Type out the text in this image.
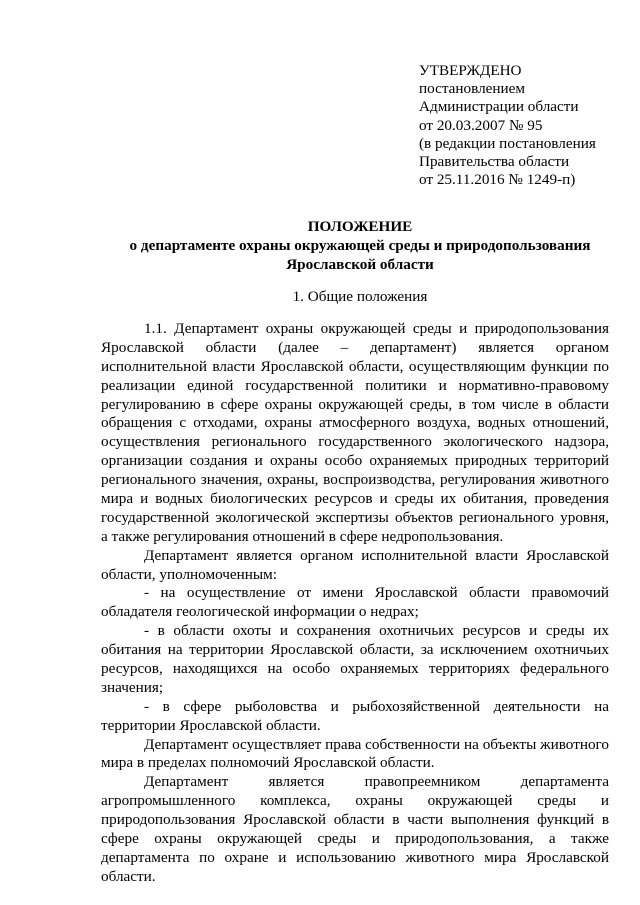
УТВЕРЖДЕНО
постановлением
Администрации области
от 20.03.2007 № 95
(в редакции постановления
Правительства области
от 25.11.2016 № 1249-п)
ПОЛОЖЕНИЕ
о департаменте охраны окружающей среды и природопользования
Ярославской области
1. Общие положения
1.1. Департамент охраны окружающей среды и природопользования
Ярославской области (далее – департамент) является органом
исполнительной власти Ярославской области, осуществляющим функции по
реализации единой государственной политики и нормативно-правовому
регулированию в сфере охраны окружающей среды, в том числе в области
обращения с отходами, охраны атмосферного воздуха, водных отношений,
осуществления регионального государственного экологического надзора,
организации создания и охраны особо охраняемых природных территорий
регионального значения, охраны, воспроизводства, регулирования животного
мира и водных биологических ресурсов и среды их обитания, проведения
государственной экологической экспертизы объектов регионального уровня,
а также регулирования отношений в сфере недропользования.
Департамент является органом исполнительной власти Ярославской
области, уполномоченным:
- на осуществление от имени Ярославской области правомочий
обладателя геологической информации о недрах;
- в области охоты и сохранения охотничьих ресурсов и среды их
обитания на территории Ярославской области, за исключением охотничьих
ресурсов, находящихся на особо охраняемых территориях федерального
значения;
- в сфере рыболовства и рыбохозяйственной деятельности на
территории Ярославской области.
Департамент осуществляет права собственности на объекты животного
мира в пределах полномочий Ярославской области.
Департамент является правопреемником департамента
агропромышленного комплекса, охраны окружающей среды и
природопользования Ярославской области в части выполнения функций в
сфере охраны окружающей среды и природопользования, а также
департамента по охране и использованию животного мира Ярославской
области.
